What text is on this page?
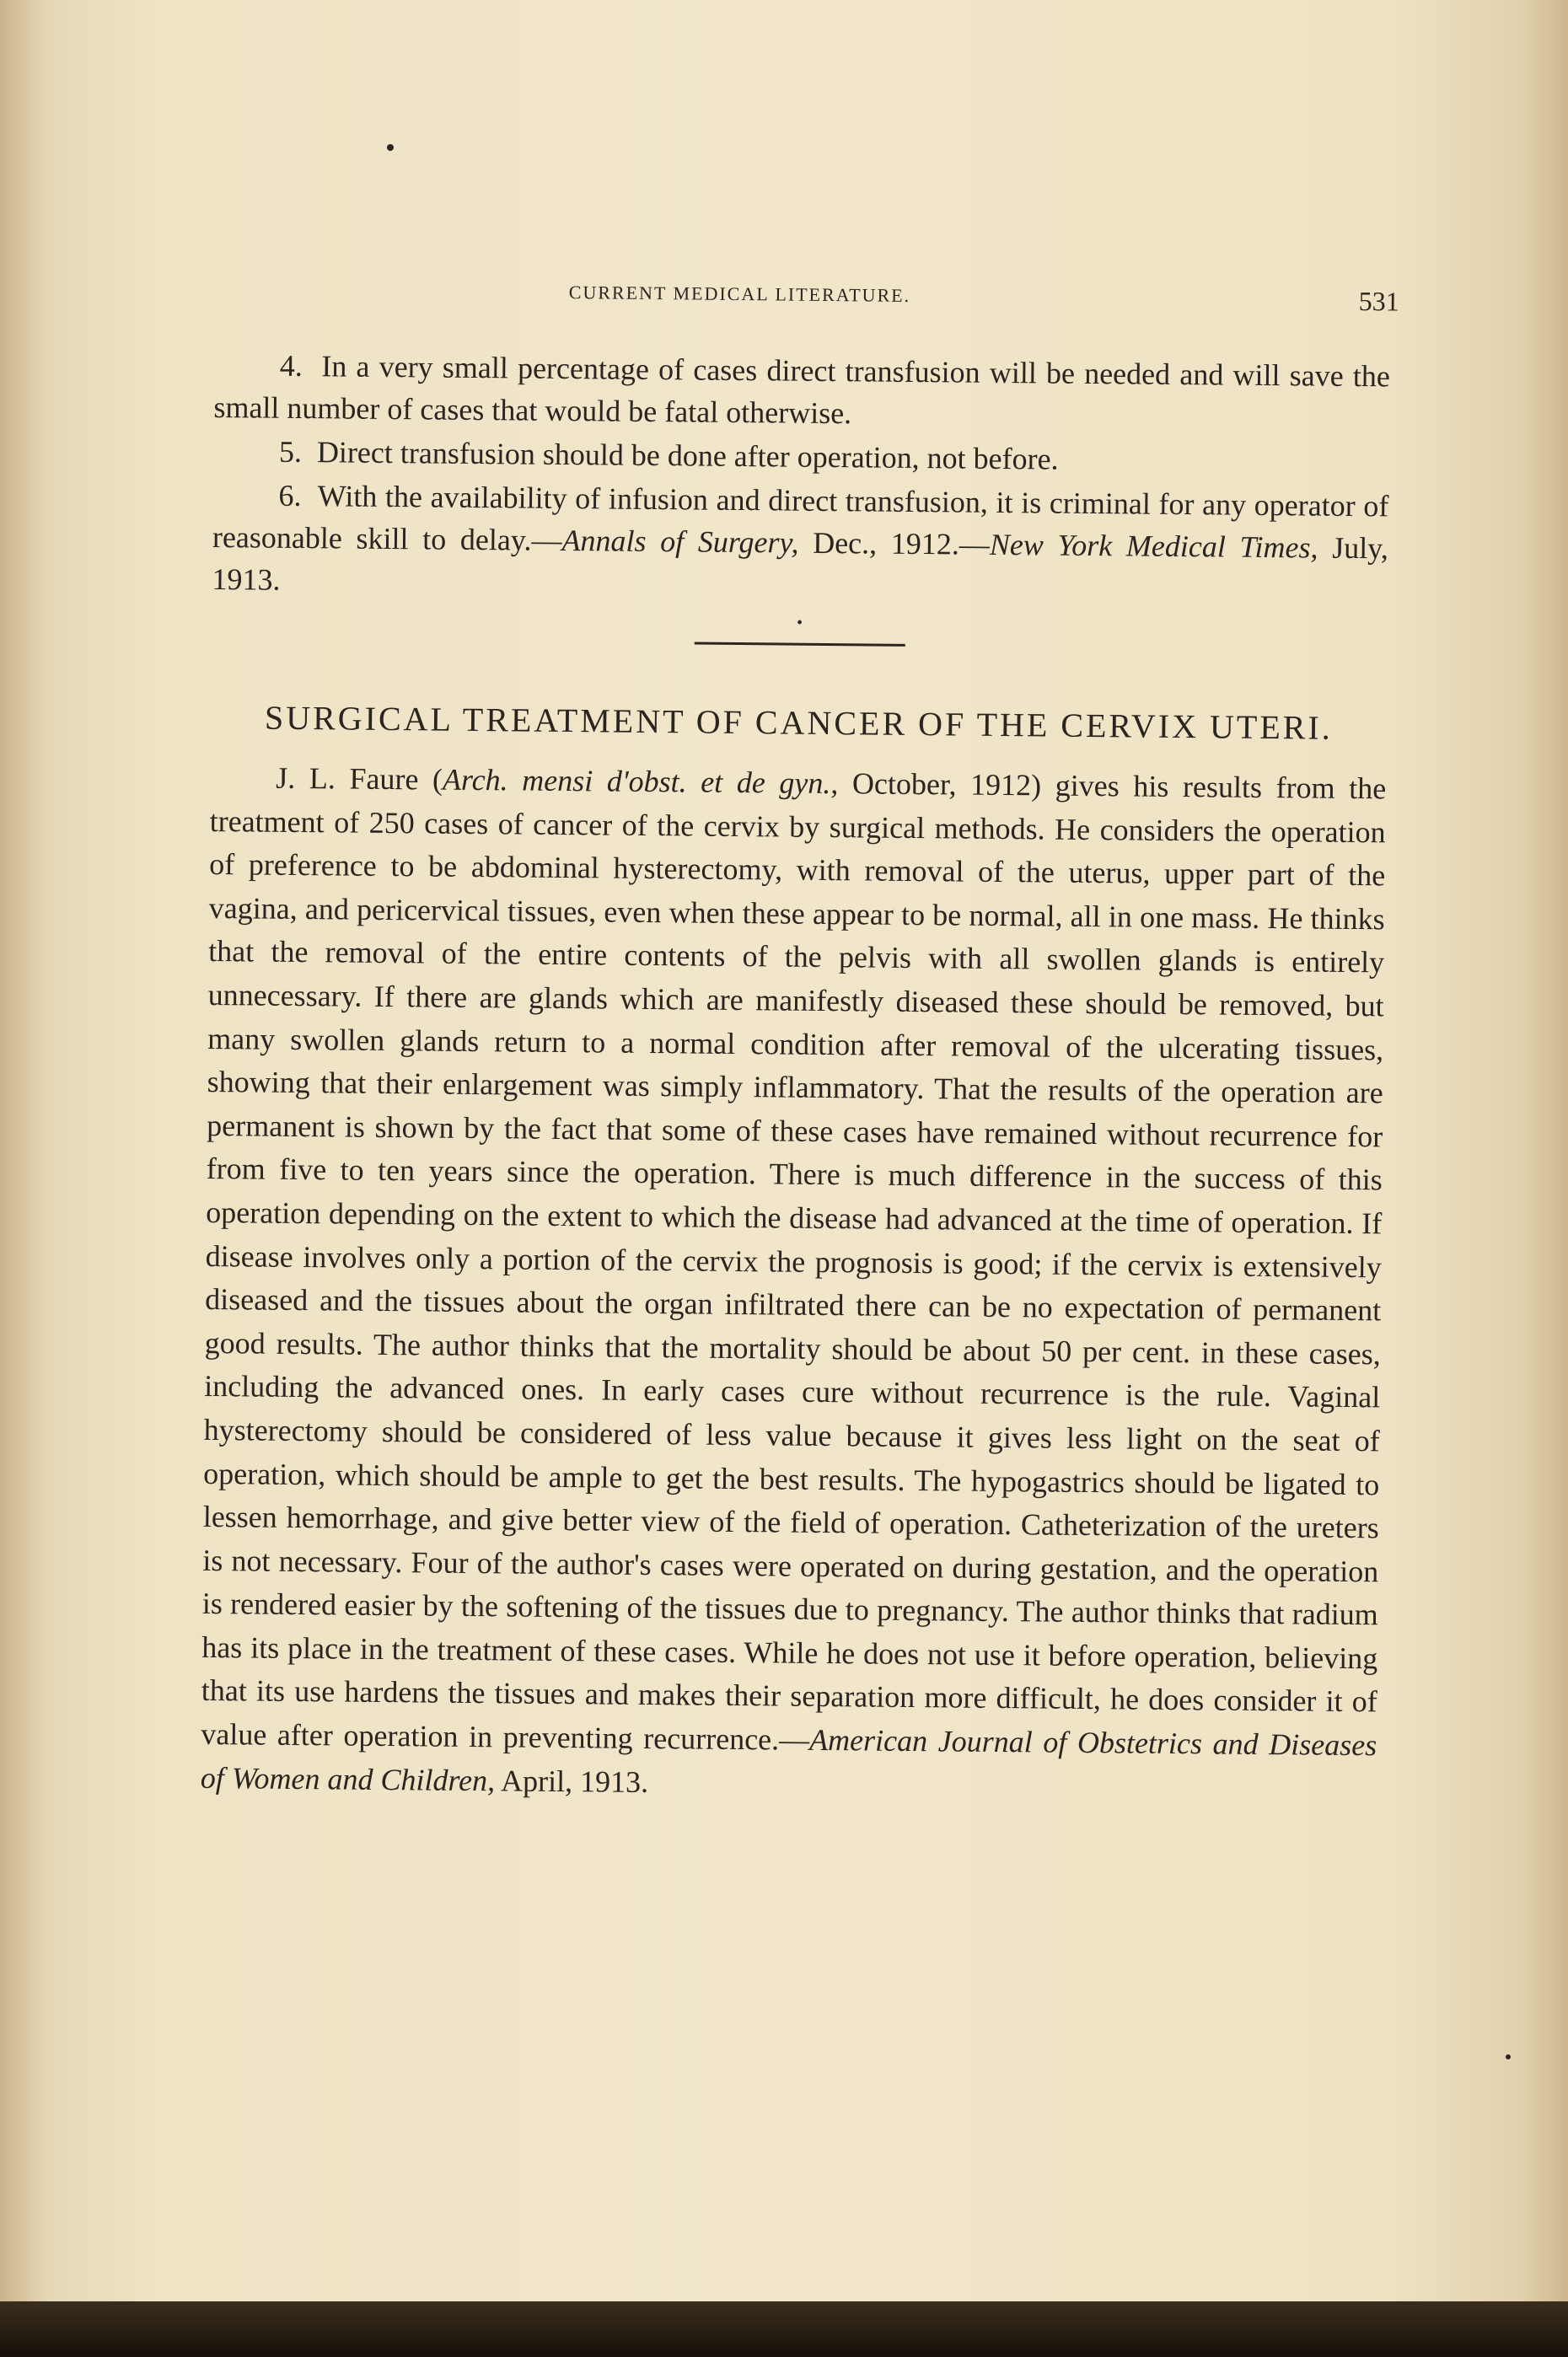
CURRENT MEDICAL LITERATURE.	531

4. In a very small percentage of cases direct transfusion will be needed and will save the small number of cases that would be fatal otherwise.

5. Direct transfusion should be done after operation, not before.

6. With the availability of infusion and direct transfusion, it is criminal for any operator of reasonable skill to delay.—Annals of Surgery, Dec., 1912.—New York Medical Times, July, 1913.

•
SURGICAL TREATMENT OF CANCER OF THE CERVIX UTERI.

J. L. Faure (Arch. mensi d'obst. et de gyn., October, 1912) gives his results from the treatment of 250 cases of cancer of the cervix by surgical methods. He considers the operation of preference to be abdominal hysterectomy, with removal of the uterus, upper part of the vagina, and pericervical tissues, even when these appear to be normal, all in one mass. He thinks that the removal of the entire contents of the pelvis with all swollen glands is entirely unnecessary. If there are glands which are manifestly diseased these should be removed, but many swollen glands return to a normal condition after removal of the ulcerating tissues, showing that their enlargement was simply inflammatory. That the results of the operation are permanent is shown by the fact that some of these cases have remained without recurrence for from five to ten years since the operation. There is much difference in the success of this operation depending on the extent to which the disease had advanced at the time of operation. If disease involves only a portion of the cervix the prognosis is good; if the cervix is extensively diseased and the tissues about the organ infiltrated there can be no expectation of permanent good results. The author thinks that the mortality should be about 50 per cent. in these cases, including the advanced ones. In early cases cure without recurrence is the rule. Vaginal hysterectomy should be considered of less value because it gives less light on the seat of operation, which should be ample to get the best results. The hypogastrics should be ligated to lessen hemorrhage, and give better view of the field of operation. Catheterization of the ureters is not necessary. Four of the author's cases were operated on during gestation, and the operation is rendered easier by the softening of the tissues due to pregnancy. The author thinks that radium has its place in the treatment of these cases. While he does not use it before operation, believing that its use hardens the tissues and makes their separation more difficult, he does consider it of value after operation in preventing recurrence.—American Journal of Obstetrics and Diseases of Women and Children, April, 1913.
